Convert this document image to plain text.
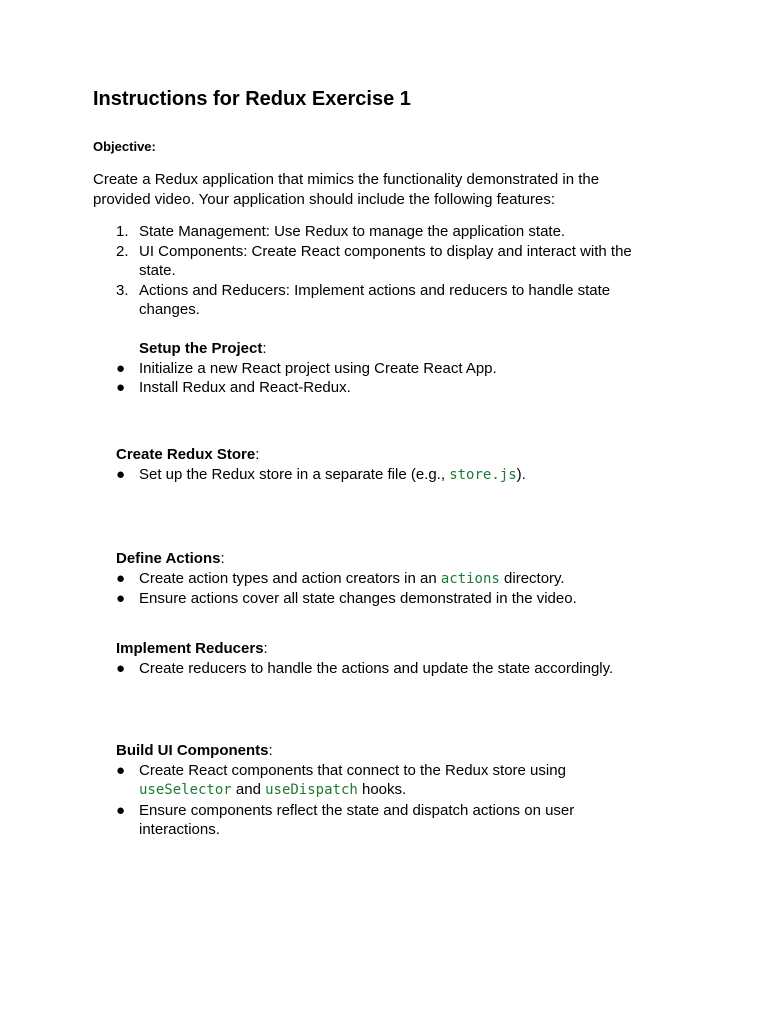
Instructions for Redux Exercise 1

Objective:

Create a Redux application that mimics the functionality demonstrated in the provided video. Your application should include the following features:

1. State Management: Use Redux to manage the application state.
2. UI Components: Create React components to display and interact with the state.
3. Actions and Reducers: Implement actions and reducers to handle state changes.

Setup the Project:

● Initialize a new React project using Create React App.
● Install Redux and React-Redux.

Create Redux Store:

● Set up the Redux store in a separate file (e.g., store.js).

Define Actions:

● Create action types and action creators in an actions directory.
● Ensure actions cover all state changes demonstrated in the video.

Implement Reducers:

● Create reducers to handle the actions and update the state accordingly.

Build UI Components:

● Create React components that connect to the Redux store using useSelector and useDispatch hooks.
● Ensure components reflect the state and dispatch actions on user interactions.
